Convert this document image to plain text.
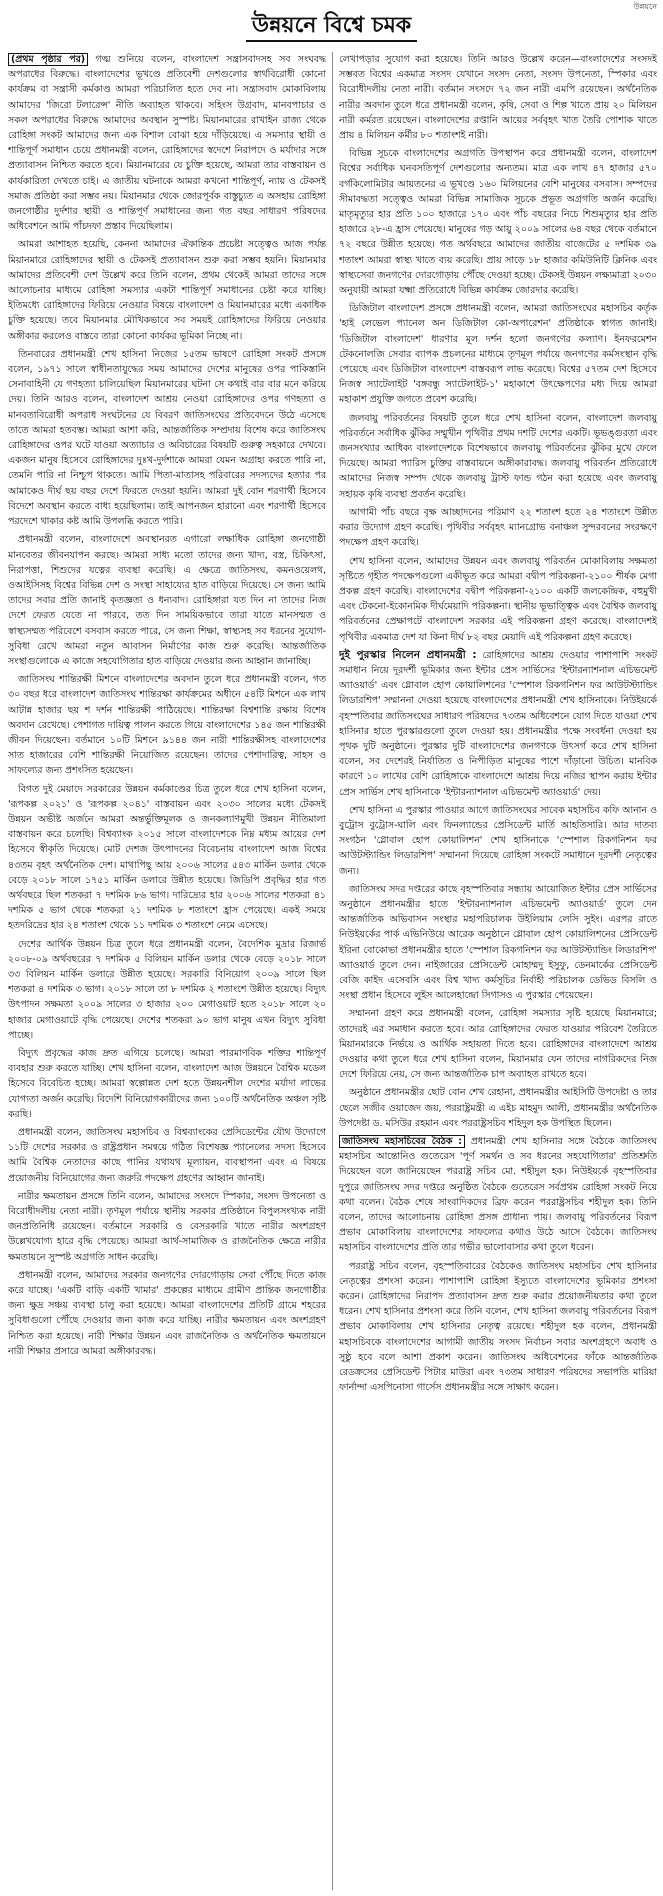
উন্নয়নে
উন্নয়নে বিশ্বে চমক

(প্রথম পৃষ্ঠার পর) গত্ম শুনিয়ে বলেন, বাংলাদেশ সন্ত্রাসবাদসহ সব সংঘবদ্ধ অপরাধের বিরুদ্ধে। বাংলাদেশের ভূখণ্ডে প্রতিবেশী দেশগুলোর স্বার্থবিরোধী কোনো কার্যক্রম বা সন্ত্রাসী কর্মকাণ্ড আমরা পরিচালিত হতে দেব না। সন্ত্রাসবাদ মোকাবিলায় আমাদের 'জিরো টলারেন্স' নীতি অব্যাহত থাকবে। সহিংস উগ্রবাদ, মানবপাচার ও সকল অপরাধের বিরুদ্ধে আমাদের অবস্থান সুস্পষ্ট। মিয়ানমারের রাখাইন রাজ্য থেকে রোহিঙ্গা সংকট আমাদের জন্য এক বিশাল বোঝা হয়ে দাঁড়িয়েছে। এ সমস্যার স্থায়ী ও শান্তিপূর্ণ সমাধান চেয়ে প্রধানমন্ত্রী বলেন, রোহিঙ্গাদের স্বদেশে নিরাপদে ও মর্যাদার সঙ্গে প্রত্যাবাসন নিশ্চিত করতে হবে। মিয়ানমারের যে চুক্তি হয়েছে, আমরা তার বাস্তবায়ন ও কার্যকারিতা দেখতে চাই। এ জাতীয় ঘটনাকে আমরা কখনো শান্তিপূর্ণ, ন্যায় ও টেকসই সমাজ প্রতিষ্ঠা করা সম্ভব নয়। মিয়ানমার থেকে জোরপূর্বক বাস্তুচ্যুত এ অসহায় রোহিঙ্গা জনগোষ্ঠীর দুর্দশার স্থায়ী ও শান্তিপূর্ণ সমাধানের জন্য গত বছর সাধারণ পরিষদের অধিবেশনে আমি পাঁচদফা প্রস্তাব দিয়েছিলাম।

আমরা আশাহত হয়েছি, কেননা আমাদের ঐকান্তিক প্রচেষ্টা সত্ত্বেও আজ পর্যন্ত মিয়ানমারে রোহিঙ্গাদের স্থায়ী ও টেকসই প্রত্যাবাসন শুরু করা সম্ভব হয়নি। মিয়ানমার আমাদের প্রতিবেশী দেশ উল্লেখ করে তিনি বলেন, প্রথম থেকেই আমরা তাদের সঙ্গে আলোচনার মাধ্যমে রোহিঙ্গা সমস্যার একটা শান্তিপূর্ণ সমাধানের চেষ্টা করে যাচ্ছি। ইতিমধ্যে রোহিঙ্গাদের ফিরিয়ে নেওয়ার বিষয়ে বাংলাদেশ ও মিয়ানমারের মধ্যে একাধিক চুক্তি হয়েছে। তবে মিয়ানমার মৌখিকভাবে সব সময়ই রোহিঙ্গাদের ফিরিয়ে নেওয়ার অঙ্গীকার করলেও বাস্তবে তারা কোনো কার্যকর ভূমিকা নিচ্ছে না।

তিনবারের প্রধানমন্ত্রী শেখ হাসিনা নিজের ১৫তম ভাষণে রোহিঙ্গা সংকট প্রসঙ্গে বলেন, ১৯৭১ সালে স্বাধীনতাযুদ্ধের সময় আমাদের দেশের মানুষের ওপর পাকিস্তানি সেনাবাহিনী যে গণহত্যা চালিয়েছিল মিয়ানমারের ঘটনা সে কথাই বার বার মনে করিয়ে দেয়। তিনি আরও বলেন, বাংলাদেশ আশ্রয় নেওয়া রোহিঙ্গাদের ওপর গণহত্যা ও মানবতাবিরোধী অপরাধ সংঘটনের যে বিবরণ জাতিসংঘের প্রতিবেদনে উঠে এসেছে তাতে আমরা হতবম্ভ। আমরা আশা করি, আন্তর্জাতিক সম্প্রদায় বিশেষ করে জাতিসংঘ রোহিঙ্গাদের ওপর ঘটে যাওয়া অত্যাচার ও অবিচারের বিষয়টি গুরুত্ব সহকারে দেখবে। একজন মানুষ হিসেবে রোহিঙ্গাদের দুঃখ-দুর্দশাকে আমরা যেমন অগ্রাহ্য করতে পারি না, তেমনি পারি না নিশ্চুপ থাকতে। আমি পিতা-মাতাসহ পরিবারের সদস্যদের হত্যার পর আমাকেও দীর্ঘ ছয় বছর দেশে ফিরতে দেওয়া হয়নি। আমরা দুই বোন শরণার্থী হিসেবে বিদেশে অবস্থান করতে বাধ্য হয়েছিলাম। তাই আপনজন হারানো এবং শরণার্থী হিসেবে পরদেশে থাকার কষ্ট আমি উপলব্ধি করতে পারি।

প্রধানমন্ত্রী বলেন, বাংলাদেশে অবস্থানরত এগারো লক্ষাধিক রোহিঙ্গা জনগোষ্ঠী মানবেতর জীবনযাপন করছে। আমরা সাধ্য মতো তাদের জন্য খাদ্য, বস্ত্র, চিকিৎসা, নিরাপত্তা, শিশুদের যত্নের ব্যবস্থা করেছি। এ ক্ষেত্রে জাতিসংঘ, কমনওয়েলথ, ওআইসিসহ বিশ্বের বিভিন্ন দেশ ও সংস্থা সাহায্যের হাত বাড়িয়ে দিয়েছে। সে জন্য আমি তাদের সবার প্রতি জানাই কৃতজ্ঞতা ও ধন্যবাদ। রোহিঙ্গারা যত দিন না তাদের নিজ দেশে ফেরত যেতে না পারবে, তত দিন সাময়িকভাবে তারা যাতে মানসম্মত ও স্বাস্থ্যসম্মত পরিবেশে বসবাস করতে পারে, সে জন্য শিক্ষা, স্বাস্থ্যসহ সব ধরনের সুযোগ-সুবিধা রেখে আমরা নতুন আবাসন নির্মাণের কাজ শুরু করেছি। আন্তর্জাতিক সংস্থাগুলোকে এ কাজে সহযোগিতার হাত বাড়িয়ে দেওয়ার জন্য আহ্বান জানাচ্ছি।

জাতিসংঘ শান্তিরক্ষী মিশনে বাংলাদেশের অবদান তুলে ধরে প্রধানমন্ত্রী বলেন, গত ৩০ বছর ধরে বাংলাদেশ জাতিসংঘ শান্তিরক্ষা কার্যক্রমের অধীনে ৫৪টি মিশনে এক লাখ আটান্ন হাজার ছয় শ দর্শন শান্তিরক্ষী পাঠিয়েছে। শান্তিরক্ষা বিশ্বশান্তি রক্ষায় বিশেষ অবদান রেখেছে। পেশাগত দায়িত্ব পালন করতে গিয়ে বাংলাদেশের ১৪৫ জন শান্তিরক্ষী জীবন দিয়েছেন। বর্তমানে ১০টি মিশনে ৯১৪৪ জন নারী শান্তিরক্ষীসহ বাংলাদেশের সাত হাজারের বেশি শান্তিরক্ষী নিয়োজিত রয়েছেন। তাদের পেশাদারিত্ব, সাহস ও সাফল্যের জন্য প্রশংসিত হয়েছেন।

বিগত দুই মেয়াদে সরকারের উন্নয়ন কর্মকাণ্ডের চিত্র তুলে ধরে শেখ হাসিনা বলেন, 'রূপকল্প ২০২১' ও 'রূপকল্প ২০৪১' বাস্তবায়ন এবং ২০৩০ সালের মধ্যে টেকসই উন্নয়ন অভীষ্ট অর্জনে আমরা অন্তর্ভুক্তিমূলক ও জনকল্যাণমুখী উন্নয়ন নীতিমালা বাস্তবায়ন করে চলেছি। বিশ্বব্যাংক ২০১৫ সালে বাংলাদেশকে নিম্ন মধ্যম আয়ের দেশ হিসেবে স্বীকৃতি দিয়েছে। মোট দেশজ উৎপাদনের বিবেচনায় বাংলাদেশ আজ বিশ্বের ৪৩তম বৃহৎ অর্থনৈতিক দেশ। মাথাপিছু আয় ২০০৬ সালের ৫৪৩ মার্কিন ডলার থেকে বেড়ে ২০১৮ সালে ১৭৫১ মার্কিন ডলারে উন্নীত হয়েছে। জিডিপি প্রবৃদ্ধির হার গত অর্থবছরে ছিল শতকরা ৭ দশমিক ৮৬ ভাগ। দারিদ্র্যের হার ২০০৬ সালের শতকরা ৪১ দশমিক ৫ ভাগ থেকে শতকরা ২১ দশমিক ৮ শতাংশে হ্রাস পেয়েছে। একই সময়ে হতদরিদ্রের হার ২৪ শতাংশ থেকে ১১ দশমিক ৩ শতাংশে নেমে এসেছে।

দেশের আর্থিক উন্নয়ন চিত্র তুলে ধরে প্রধানমন্ত্রী বলেন, বৈদেশিক মুদ্রার রিজার্ভ ২০০৮-০৯ অর্থবছরের ৭ দশমিক ৫ বিলিয়ন মার্কিন ডলার থেকে বেড়ে ২০১৮ সালে ৩৩ বিলিয়ন মার্কিন ডলারে উন্নীত হয়েছে। সরকারি বিনিয়োগ ২০০৯ সালে ছিল শতকরা ৪ দশমিক ৩ ভাগ। ২০১৮ সালে তা ৮ দশমিক ২ শতাংশে উন্নীত হয়েছে। বিদ্যুৎ উৎপাদন সক্ষমতা ২০০৯ সালের ৩ হাজার ২০০ মেগাওয়াট হতে ২০১৮ সালে ২০ হাজার মেগাওয়াটে বৃদ্ধি পেয়েছে। দেশের শতকরা ৯০ ভাগ মানুষ এখন বিদ্যুৎ সুবিধা পাচ্ছে।

বিদ্যুৎ প্রবৃদ্ধের কাজ দ্রুত এগিয়ে চলেছে। আমরা পারমাণবিক শক্তির শান্তিপূর্ণ ব্যবহার শুরু করতে যাচ্ছি। শেখ হাসিনা বলেন, বাংলাদেশ আজ উন্নয়নে বৈশ্বিক মডেল হিসেবে বিবেচিত হচ্ছে। আমরা স্বল্পোন্নত দেশ হতে উন্নয়নশীল দেশের মর্যাদা লাভের যোগ্যতা অর্জন করেছি। বিদেশি বিনিয়োগকারীদের জন্য ১০০টি অর্থনৈতিক অঞ্চল সৃষ্টি করছি।

প্রধানমন্ত্রী বলেন, জাতিসংঘ মহাসচিব ও বিশ্বব্যাংকের প্রেসিডেন্টের যৌথ উদ্যোগে ১১টি দেশের সরকার ও রাষ্ট্রপ্রধান সমন্বয়ে গঠিত বিশেষজ্ঞ প্যানেলের সদস্য হিসেবে আমি বৈশ্বিক নেতাদের কাছে পানির যথাযথ মূল্যায়ন, ব্যবস্থাপনা এবং এ বিষয়ে প্রয়োজনীয় বিনিয়োগের জন্য জরুরি পদক্ষেপ গ্রহণের আহ্বান জানাই।

নারীর ক্ষমতায়ন প্রসঙ্গে তিনি বলেন, আমাদের সংসদে স্পিকার, সংসদ উপনেতা ও বিরোধীদলীয় নেতা নারী। তৃণমূল পর্যায়ে স্থানীয় সরকার প্রতিষ্ঠানে বিপুলসংখ্যক নারী জনপ্রতিনিধি রয়েছেন। বর্তমানে সরকারি ও বেসরকারি খাতে নারীর অংশগ্রহণ উল্লেখযোগ্য হারে বৃদ্ধি পেয়েছে। আমরা আর্থ-সামাজিক ও রাজনৈতিক ক্ষেত্রে নারীর ক্ষমতায়নে সুস্পষ্ট অগ্রগতি সাধন করেছি।

প্রধানমন্ত্রী বলেন, আমাদের সরকার জনগণের দোরগোড়ায় সেবা পৌঁছে দিতে কাজ করে যাচ্ছে। 'একটি বাড়ি একটি খামার' প্রকল্পের মাধ্যমে গ্রামীণ প্রান্তিক জনগোষ্ঠীর জন্য ক্ষুদ্র সঞ্চয় ব্যবস্থা চালু করা হয়েছে। আমরা বাংলাদেশের প্রতিটি গ্রামে শহরের সুবিধাগুলো পৌঁছে দেওয়ার জন্য কাজ করে যাচ্ছি। নারীর ক্ষমতায়ন এবং অংশগ্রহণ নিশ্চিত করা হয়েছে। নারী শিক্ষার উন্নয়ন এবং রাজনৈতিক ও অর্থনৈতিক ক্ষমতায়নে নারী শিক্ষার প্রসারে আমরা অঙ্গীকারবদ্ধ।

লেখাপড়ার সুযোগ করা হয়েছে। তিনি আরও উল্লেখ করেন—বাংলাদেশের সংসদই সম্ভবত বিশ্বের একমাত্র সংসদ যেখানে সংসদ নেতা, সংসদ উপনেতা, স্পিকার এবং বিরোধীদলীয় নেতা নারী। বর্তমান সংসদে ৭২ জন নারী এমপি রয়েছেন। অর্থনৈতিক নারীর অবদান তুলে ধরে প্রধানমন্ত্রী বলেন, কৃষি, সেবা ও শিল্প খাতে প্রায় ২০ মিলিয়ন নারী কর্মরত রয়েছেন। বাংলাদেশের রপ্তানি আয়ের সর্ববৃহৎ খাত তৈরি পোশাক খাতে প্রায় ৪ মিলিয়ন কর্মীর ৮০ শতাংশই নারী।

বিভিন্ন সূচকে বাংলাদেশের অগ্রগতি উপস্থাপন করে প্রধানমন্ত্রী বলেন, বাংলাদেশ বিশ্বের সর্বাধিক ঘনবসতিপূর্ণ দেশগুলোর অন্যতম। মাত্র এক লাখ ৪৭ হাজার ৫৭০ বর্গকিলোমিটার আয়তনের এ ভূখণ্ডে ১৬০ মিলিয়নের বেশি মানুষের বসবাস। সম্পদের সীমাবদ্ধতা সত্ত্বেও আমরা বিভিন্ন সামাজিক সূচকে প্রভূত অগ্রগতি অর্জন করেছি। মাতৃমৃত্যুর হার প্রতি ১০০ হাজারে ১৭০ এবং পাঁচ বছরের নিচে শিশুমৃত্যুর হার প্রতি হাজারে ২৮-এ হ্রাস পেয়েছে। মানুষের গড় আয়ু ২০০৯ সালের ৬৪ বছর থেকে বর্তমানে ৭২ বছরে উন্নীত হয়েছে। গত অর্থবছরে আমাদের জাতীয় বাজেটের ৫ দশমিক ৩৯ শতাংশ আমরা স্বাস্থ্য খাতে ব্যয় করেছি। প্রায় সাড়ে ১৮ হাজার কমিউনিটি ক্লিনিক এবং স্বাস্থ্যসেবা জনগণের দোরগোড়ায় পৌঁছে দেওয়া হচ্ছে। টেকসই উন্নয়ন লক্ষ্যমাত্রা ২০৩০ অনুযায়ী আমরা যক্ষ্মা প্রতিরোধে বিভিন্ন কার্যক্রম জোরদার করেছি।

ডিজিটাল বাংলাদেশ প্রসঙ্গে প্রধানমন্ত্রী বলেন, আমরা জাতিসংঘের মহাসচিব কর্তৃক 'হাই লেভেল প্যানেল অন ডিজিটাল কো-অপারেশন' প্রতিষ্ঠাকে স্বাগত জানাই। 'ডিজিটাল বাংলাদেশ' ধারণার মূল দর্শন হলো জনগণের কল্যাণ। ইনফরমেশন টেকনোলজি সেবার ব্যাপক প্রচলনের মাধ্যমে তৃণমূল পর্যায়ে জনগণের কর্মসংস্থান বৃদ্ধি পেয়েছে এবং ডিজিটাল বাংলাদেশ বাস্তবরূপ লাভ করেছে। বিশ্বের ৫৭তম দেশ হিসেবে নিজস্ব স্যাটেলাইট 'বঙ্গবন্ধু স্যাটেলাইট-১' মহাকাশে উৎক্ষেপণের মধ্য দিয়ে আমরা মহাকাশ প্রযুক্তি জগতে প্রবেশ করেছি।

জলবায়ু পরিবর্তনের বিষয়টি তুলে ধরে শেখ হাসিনা বলেন, বাংলাদেশ জলবায়ু পরিবর্তনে সর্বাধিক ঝুঁকির সম্মুখীন পৃথিবীর প্রথম দশটি দেশের একটি। ভূভঙ্গুরতা এবং জনসংখ্যার আধিক্য বাংলাদেশকে বিশেষভাবে জলবায়ু পরিবর্তনের ঝুঁকির মুখে ফেলে দিয়েছে। আমরা প্যারিস চুক্তির বাস্তবায়নে অঙ্গীকারাবদ্ধ। জলবায়ু পরিবর্তন প্রতিরোধে আমাদের নিজস্ব সম্পদ থেকে জলবায়ু ট্রাস্ট ফান্ড গঠন করা হয়েছে এবং জলবায়ু সহায়ক কৃষি ব্যবস্থা প্রবর্তন করেছি।

আগামী পাঁচ বছরে বৃক্ষ আচ্ছাদনের পরিমাণ ২২ শতাংশ হতে ২৪ শতাংশে উন্নীত করার উদ্যোগ গ্রহণ করেছি। পৃথিবীর সর্ববৃহৎ ম্যানগ্রোভ বনাঞ্চল সুন্দরবনের সংরক্ষণে পদক্ষেপ গ্রহণ করেছি।

শেখ হাসিনা বলেন, আমাদের উন্নয়ন এবং জলবায়ু পরিবর্তন মোকাবিলায় সক্ষমতা সৃষ্টিতে গৃহীত পদক্ষেপগুলো একীভূত করে আমরা বদ্বীপ পরিকল্পনা-২১০০ শীর্ষক মেগা প্রকল্প গ্রহণ করেছি। বাংলাদেশের বদ্বীপ পরিকল্পনা-২১০০ একটি জলকেন্দ্রিক, বহুমুখী এবং টেকনো-ইকোনমিক দীর্ঘমেয়াদি পরিকল্পনা। স্থানীয় ভূভাত্ত্বিক এবং বৈশ্বিক জলবায়ু পরিবর্তনের প্রেক্ষাপটে বাংলাদেশ সরকার এই পরিকল্পনা গ্রহণ করেছে। বাংলাদেশই পৃথিবীর একমাত্র দেশ যা কিনা দীর্ঘ ৮২ বছর মেয়াদি এই পরিকল্পনা গ্রহণ করেছে।

দুই পুরস্কার নিলেন প্রধানমন্ত্রী : রোহিঙ্গাদের আশ্রয় দেওয়ার পাশাপাশি সংকট সমাধান নিয়ে দূরদর্শী ভূমিকার জন্য ইন্টার প্রেস সার্ভিসের 'ইন্টারন্যাশনাল এচিভমেন্ট অ্যাওয়ার্ড' এবং গ্লোবাল হোপ কোয়ালিশনের 'স্পেশাল রিকগনিশন ফর আউটস্ট্যান্ডিং লিডারশিপ' সম্মাননা দেওয়া হয়েছে বাংলাদেশের প্রধানমন্ত্রী শেখ হাসিনাকে। নিউইয়র্কে বৃহস্পতিবার জাতিসংঘের সাধারণ পরিষদের ৭৩তম অধিবেশনে যোগ দিতে যাওয়া শেখ হাসিনার হাতে পুরস্কারগুলো তুলে দেওয়া হয়। প্রধানমন্ত্রীর পক্ষে সংবর্ধনা দেওয়া হয় পৃথক দুটি অনুষ্ঠানে। পুরস্কার দুটি বাংলাদেশের জনগণকে উৎসর্গ করে শেখ হাসিনা বলেন, সব দেশেরই নির্যাতিত ও নিপীড়িত মানুষের পাশে দাঁড়ানো উচিত। মানবিক কারণে ১০ লাখের বেশি রোহিঙ্গাকে বাংলাদেশে আশ্রয় দিয়ে নজির স্থাপন করায় ইন্টার প্রেস সার্ভিস শেখ হাসিনাকে 'ইন্টারন্যাশনাল এচিভমেন্ট অ্যাওয়ার্ড' দেয়।

শেখ হাসিনা এ পুরস্কার পাওয়ার আগে জাতিসংঘের সাবেক মহাসচিব কফি আনান ও বুট্রোস বুট্রোস-ঘালি এবং ফিনল্যান্ডের প্রেসিডেন্ট মার্তি আহতিসারি। আর দাতব্য সংগঠন 'গ্লোবাল হোপ কোয়ালিশন' শেখ হাসিনাকে 'স্পেশাল রিকগনিশন ফর আউটস্ট্যান্ডিং লিডারশিপ' সম্মাননা দিয়েছে রোহিঙ্গা সংকটে সমাধানে দূরদর্শী নেতৃত্বের জন্য।

জাতিসংঘ সদর দপ্তরের কাছে বৃহস্পতিবার সন্ধ্যায় আয়োজিত ইন্টার প্রেস সার্ভিসের অনুষ্ঠানে প্রধানমন্ত্রীর হাতে 'ইন্টারন্যাশনাল এচিভমেন্ট অ্যাওয়ার্ড' তুলে দেন আন্তর্জাতিক অভিবাসন সংস্থার মহাপরিচালক উইলিয়াম লেসি সুইং। এরপর রাতে নিউইয়র্কের পার্ক এভিনিউয়ে আরেক অনুষ্ঠানে গ্লোবাল হোপ কোয়ালিশনের প্রেসিডেন্ট ইরিনা বোকোভা প্রধানমন্ত্রীর হাতে 'স্পেশাল রিকগনিশন ফর আউটস্ট্যান্ডিং লিডারশিপ' অ্যাওয়ার্ড তুলে দেন। নাইজারের প্রেসিডেন্ট মোহাম্মদু ইসুফু, ডেনমার্কের প্রেসিডেন্ট বেজি কাইদ এসেবসি এবং বিশ্ব খাদ্য কর্মসূচির নির্বাহী পরিচালক ডেভিড বিসলি ও সংস্থা প্রধান হিসেবে লুইস আলেহান্দ্রো সিগাসও এ পুরস্কার পেয়েছেন।

সম্মাননা গ্রহণ করে প্রধানমন্ত্রী বলেন, রোহিঙ্গা সমস্যার সৃষ্টি হয়েছে মিয়ানমারে; তাদেরই এর সমাধান করতে হবে। আর রোহিঙ্গাদের ফেরত যাওয়ার পরিবেশ তৈরিতে মিয়ানমারকে নির্ভয়ে ও আর্থিক সহায়তা দিতে হবে। রোহিঙ্গাদের বাংলাদেশে আশ্রয় দেওয়ার কথা তুলে ধরে শেখ হাসিনা বলেন, মিয়ানমার যেন তাদের নাগরিকদের নিজ দেশে ফিরিয়ে নেয়, সে জন্য আন্তর্জাতিক চাপ অব্যাহত রাখতে হবে।

অনুষ্ঠানে প্রধানমন্ত্রীর ছোট বোন শেখ রেহানা, প্রধানমন্ত্রীর আইসিটি উপদেষ্টা ও তার ছেলে সজীব ওয়াজেদ জয়, পররাষ্ট্রমন্ত্রী এ এইচ মাহমুদ আলী, প্রধানমন্ত্রীর অর্থনৈতিক উপদেষ্টা ড. মসিউর রহমান এবং পররাষ্ট্রসচিব শহিদুল হক উপস্থিত ছিলেন।

জাতিসংঘ মহাসচিবের বৈঠক : প্রধানমন্ত্রী শেখ হাসিনার সঙ্গে বৈঠকে জাতিসংঘ মহাসচিব আন্তোনিও গুতেরেস 'পূর্ণ সমর্থন ও সব ধরনের সহযোগিতার' প্রতিশ্রুতি দিয়েছেন বলে জানিয়েছেন পররাষ্ট্র সচিব মো. শহীদুল হক। নিউইয়র্কে বৃহস্পতিবার দুপুরে জাতিসংঘ সদর দপ্তরে অনুষ্ঠিত বৈঠকে গুতেরেস সর্বপ্রথম রোহিঙ্গা সংকট নিয়ে কথা বলেন। বৈঠক শেষে সাংবাদিকদের ব্রিফ করেন পররাষ্ট্রসচিব শহীদুল হক। তিনি বলেন, তাদের আলোচনায় রোহিঙ্গা প্রসঙ্গ প্রাধান্য পায়। জলবায়ু পরিবর্তনের বিরূপ প্রভাব মোকাবিলায় বাংলাদেশের সাফল্যের কথাও উঠে আসে বৈঠকে। জাতিসংঘ মহাসচিব বাংলাদেশের প্রতি তার গভীর ভালোবাসার কথা তুলে ধরেন।

পররাষ্ট্র সচিব বলেন, বৃহস্পতিবারের বৈঠকেও জাতিসংঘ মহাসচিব শেখ হাসিনার নেতৃত্বের প্রশংসা করেন। পাশাপাশি রোহিঙ্গা ইস্যুতে বাংলাদেশের ভূমিকার প্রশংসা করেন। রোহিঙ্গাদের নিরাপদ প্রত্যাবাসন দ্রুত শুরু করার প্রয়োজনীয়তার কথা তুলে ধরেন। শেখ হাসিনার প্রশংসা করে তিনি বলেন, শেখ হাসিনা জলবায়ু পরিবর্তনের বিরূপ প্রভাব মোকাবিলায় শেখ হাসিনার নেতৃত্ব রয়েছে। শহীদুল হক বলেন, প্রধানমন্ত্রী মহাসচিবকে বাংলাদেশের আগামী জাতীয় সংসদ নির্বাচন সবার অংশগ্রহণে অবাধ ও সুষ্ঠু হবে বলে আশা প্রকাশ করেন। জাতিসংঘ অধিবেশনের ফাঁকে আন্তর্জাতিক রেডক্রসের প্রেসিডেন্ট পিটার মাউরা এবং ৭৩তম সাধারণ পরিষদের সভাপতি মারিয়া ফার্নান্দা এসপিনোসা গার্সেস প্রধানমন্ত্রীর সঙ্গে সাক্ষাৎ করেন।
